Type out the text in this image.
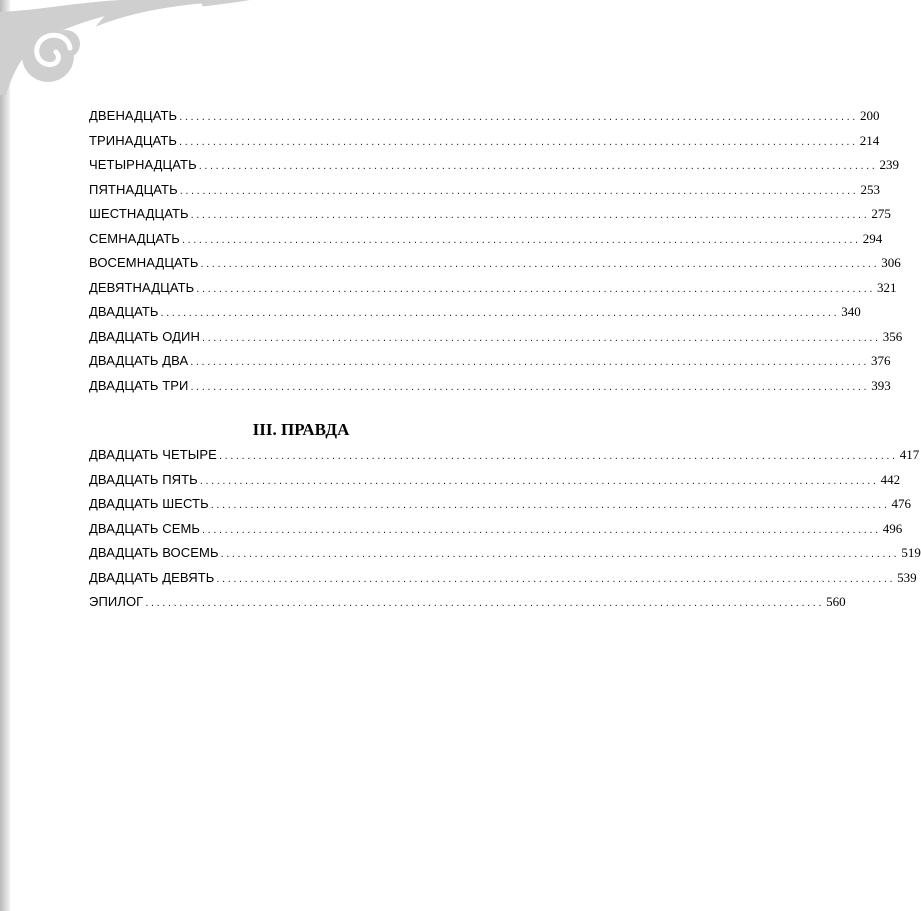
ДВЕНАДЦАТЬ ........................................................................................................................ 200
ТРИНАДЦАТЬ ........................................................................................................................ 214
ЧЕТЫРНАДЦАТЬ ........................................................................................................................ 239
ПЯТНАДЦАТЬ ........................................................................................................................ 253
ШЕСТНАДЦАТЬ ........................................................................................................................ 275
СЕМНАДЦАТЬ ........................................................................................................................ 294
ВОСЕМНАДЦАТЬ ........................................................................................................................ 306
ДЕВЯТНАДЦАТЬ ........................................................................................................................ 321
ДВАДЦАТЬ ........................................................................................................................ 340
ДВАДЦАТЬ ОДИН ........................................................................................................................ 356
ДВАДЦАТЬ ДВА ........................................................................................................................ 376
ДВАДЦАТЬ ТРИ ........................................................................................................................ 393
III. ПРАВДА
ДВАДЦАТЬ ЧЕТЫРЕ ........................................................................................................................ 417
ДВАДЦАТЬ ПЯТЬ ........................................................................................................................ 442
ДВАДЦАТЬ ШЕСТЬ ........................................................................................................................ 476
ДВАДЦАТЬ СЕМЬ ........................................................................................................................ 496
ДВАДЦАТЬ ВОСЕМЬ ........................................................................................................................ 519
ДВАДЦАТЬ ДЕВЯТЬ ........................................................................................................................ 539
ЭПИЛОГ ........................................................................................................................ 560
